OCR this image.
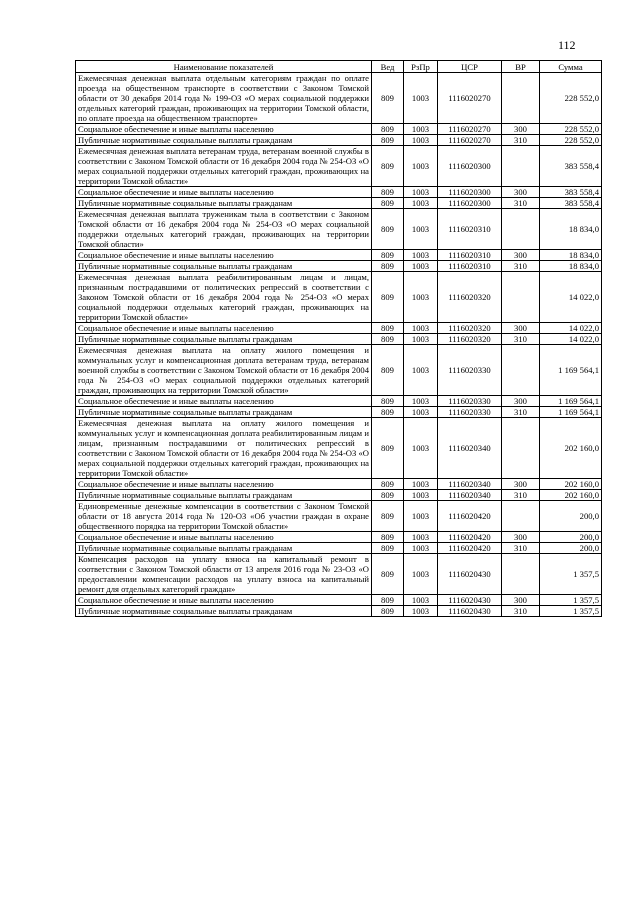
112
Наименование показателей	Вед	РзПр	ЦСР	ВР	Сумма
Ежемесячная денежная выплата отдельным категориям граждан по оплате проезда на общественном транспорте в соответствии с Законом Томской области от 30 декабря 2014 года № 199-ОЗ «О мерах социальной поддержки отдельных категорий граждан, проживающих на территории Томской области, по оплате проезда на общественном транспорте»	809	1003	1116020270		228 552,0
Социальное обеспечение и иные выплаты населению	809	1003	1116020270	300	228 552,0
Публичные нормативные социальные выплаты гражданам	809	1003	1116020270	310	228 552,0
Ежемесячная денежная выплата ветеранам труда, ветеранам военной службы в соответствии с Законом Томской области от 16 декабря 2004 года № 254-ОЗ «О мерах социальной поддержки отдельных категорий граждан, проживающих на территории Томской области»	809	1003	1116020300		383 558,4
Социальное обеспечение и иные выплаты населению	809	1003	1116020300	300	383 558,4
Публичные нормативные социальные выплаты гражданам	809	1003	1116020300	310	383 558,4
Ежемесячная денежная выплата труженикам тыла в соответствии с Законом Томской области от 16 декабря 2004 года № 254-ОЗ «О мерах социальной поддержки отдельных категорий граждан, проживающих на территории Томской области»	809	1003	1116020310		18 834,0
Социальное обеспечение и иные выплаты населению	809	1003	1116020310	300	18 834,0
Публичные нормативные социальные выплаты гражданам	809	1003	1116020310	310	18 834,0
Ежемесячная денежная выплата реабилитированным лицам и лицам, признанным пострадавшими от политических репрессий в соответствии с Законом Томской области от 16 декабря 2004 года № 254-ОЗ «О мерах социальной поддержки отдельных категорий граждан, проживающих на территории Томской области»	809	1003	1116020320		14 022,0
Социальное обеспечение и иные выплаты населению	809	1003	1116020320	300	14 022,0
Публичные нормативные социальные выплаты гражданам	809	1003	1116020320	310	14 022,0
Ежемесячная денежная выплата на оплату жилого помещения и коммунальных услуг и компенсационная доплата ветеранам труда, ветеранам военной службы в соответствии с Законом Томской области от 16 декабря 2004 года № 254-ОЗ «О мерах социальной поддержки отдельных категорий граждан, проживающих на территории Томской области»	809	1003	1116020330		1 169 564,1
Социальное обеспечение и иные выплаты населению	809	1003	1116020330	300	1 169 564,1
Публичные нормативные социальные выплаты гражданам	809	1003	1116020330	310	1 169 564,1
Ежемесячная денежная выплата на оплату жилого помещения и коммунальных услуг и компенсационная доплата реабилитированным лицам и лицам, признанным пострадавшими от политических репрессий в соответствии с Законом Томской области от 16 декабря 2004 года № 254-ОЗ «О мерах социальной поддержки отдельных категорий граждан, проживающих на территории Томской области»	809	1003	1116020340		202 160,0
Социальное обеспечение и иные выплаты населению	809	1003	1116020340	300	202 160,0
Публичные нормативные социальные выплаты гражданам	809	1003	1116020340	310	202 160,0
Единовременные денежные компенсации в соответствии с Законом Томской области от 18 августа 2014 года № 120-ОЗ «Об участии граждан в охране общественного порядка на территории Томской области»	809	1003	1116020420		200,0
Социальное обеспечение и иные выплаты населению	809	1003	1116020420	300	200,0
Публичные нормативные социальные выплаты гражданам	809	1003	1116020420	310	200,0
Компенсация расходов на уплату взноса на капитальный ремонт в соответствии с Законом Томской области от 13 апреля 2016 года № 23-ОЗ «О предоставлении компенсации расходов на уплату взноса на капитальный ремонт для отдельных категорий граждан»	809	1003	1116020430		1 357,5
Социальное обеспечение и иные выплаты населению	809	1003	1116020430	300	1 357,5
Публичные нормативные социальные выплаты гражданам	809	1003	1116020430	310	1 357,5
